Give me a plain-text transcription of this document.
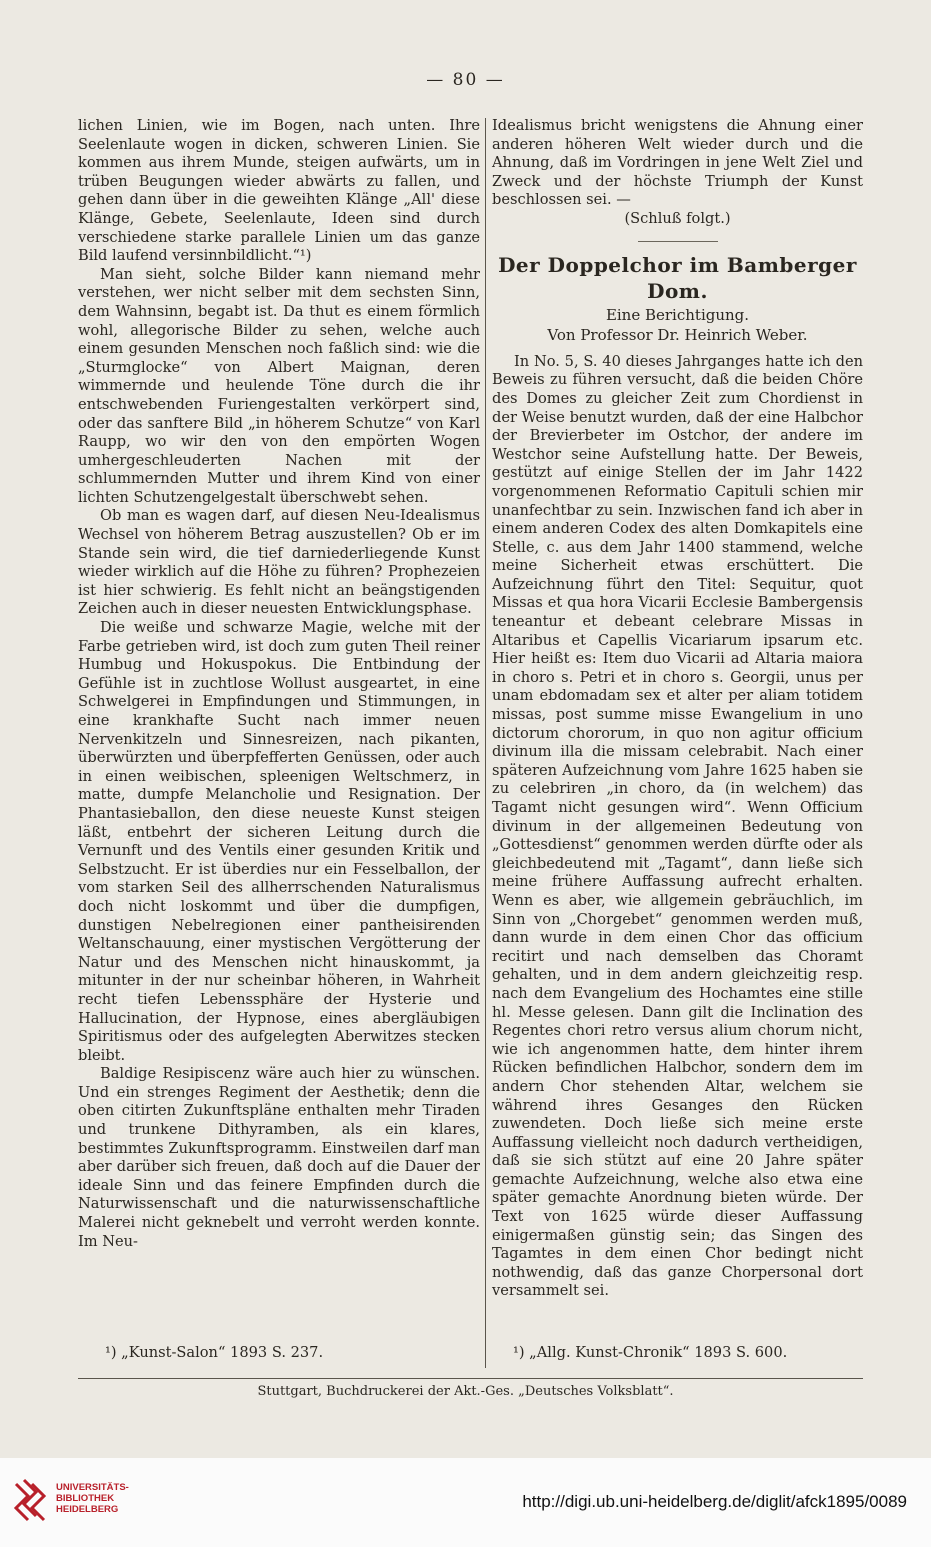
— 80 —

lichen Linien, wie im Bogen, nach unten. Ihre Seelenlaute wogen in dicken, schweren Linien. Sie kommen aus ihrem Munde, steigen aufwärts, um in trüben Beugungen wieder abwärts zu fallen, und gehen dann über in die geweihten Klänge „All' diese Klänge, Gebete, Seelenlaute, Ideen sind durch verschiedene starke parallele Linien um das ganze Bild laufend versinnbildlicht.“¹)

Man sieht, solche Bilder kann niemand mehr verstehen, wer nicht selber mit dem sechsten Sinn, dem Wahnsinn, begabt ist. Da thut es einem förmlich wohl, allegorische Bilder zu sehen, welche auch einem gesunden Menschen noch faßlich sind: wie die „Sturmglocke“ von Albert Maignan, deren wimmernde und heulende Töne durch die ihr entschwebenden Furiengestalten verkörpert sind, oder das sanftere Bild „in höherem Schutze“ von Karl Raupp, wo wir den von den empörten Wogen umhergeschleuderten Nachen mit der schlummernden Mutter und ihrem Kind von einer lichten Schutzengelgestalt überschwebt sehen.

Ob man es wagen darf, auf diesen Neu-Idealismus Wechsel von höherem Betrag auszustellen? Ob er im Stande sein wird, die tief darniederliegende Kunst wieder wirklich auf die Höhe zu führen? Prophezeien ist hier schwierig. Es fehlt nicht an beängstigenden Zeichen auch in dieser neuesten Entwicklungsphase.

Die weiße und schwarze Magie, welche mit der Farbe getrieben wird, ist doch zum guten Theil reiner Humbug und Hokuspokus. Die Entbindung der Gefühle ist in zuchtlose Wollust ausgeartet, in eine Schwelgerei in Empfindungen und Stimmungen, in eine krankhafte Sucht nach immer neuen Nervenkitzeln und Sinnesreizen, nach pikanten, überwürzten und überpfefferten Genüssen, oder auch in einen weibischen, spleenigen Weltschmerz, in matte, dumpfe Melancholie und Resignation. Der Phantasieballon, den diese neueste Kunst steigen läßt, entbehrt der sicheren Leitung durch die Vernunft und des Ventils einer gesunden Kritik und Selbstzucht. Er ist überdies nur ein Fesselballon, der vom starken Seil des allherrschenden Naturalismus doch nicht loskommt und über die dumpfigen, dunstigen Nebelregionen einer pantheisirenden Weltanschauung, einer mystischen Vergötterung der Natur und des Menschen nicht hinauskommt, ja mitunter in der nur scheinbar höheren, in Wahrheit recht tiefen Lebenssphäre der Hysterie und Hallucination, der Hypnose, eines abergläubigen Spiritismus oder des aufgelegten Aberwitzes stecken bleibt.

Baldige Resipiscenz wäre auch hier zu wünschen. Und ein strenges Regiment der Aesthetik; denn die oben citirten Zukunftspläne enthalten mehr Tiraden und trunkene Dithyramben, als ein klares, bestimmtes Zukunftsprogramm. Einstweilen darf man aber darüber sich freuen, daß doch auf die Dauer der ideale Sinn und das feinere Empfinden durch die Naturwissenschaft und die naturwissenschaftliche Malerei nicht geknebelt und verroht werden konnte. Im Neu-

Idealismus bricht wenigstens die Ahnung einer anderen höheren Welt wieder durch und die Ahnung, daß im Vordringen in jene Welt Ziel und Zweck und der höchste Triumph der Kunst beschlossen sei. —

(Schluß folgt.)

Der Doppelchor im Bamberger Dom.
Eine Berichtigung.
Von Professor Dr. Heinrich Weber.

In No. 5, S. 40 dieses Jahrganges hatte ich den Beweis zu führen versucht, daß die beiden Chöre des Domes zu gleicher Zeit zum Chordienst in der Weise benutzt wurden, daß der eine Halbchor der Brevierbeter im Ostchor, der andere im Westchor seine Aufstellung hatte. Der Beweis, gestützt auf einige Stellen der im Jahr 1422 vorgenommenen Reformatio Capituli schien mir unanfechtbar zu sein. Inzwischen fand ich aber in einem anderen Codex des alten Domkapitels eine Stelle, c. aus dem Jahr 1400 stammend, welche meine Sicherheit etwas erschüttert. Die Aufzeichnung führt den Titel: Sequitur, quot Missas et qua hora Vicarii Ecclesie Bambergensis teneantur et debeant celebrare Missas in Altaribus et Capellis Vicariarum ipsarum etc. Hier heißt es: Item duo Vicarii ad Altaria maiora in choro s. Petri et in choro s. Georgii, unus per unam ebdomadam sex et alter per aliam totidem missas, post summe misse Ewangelium in uno dictorum chororum, in quo non agitur officium divinum illa die missam celebrabit. Nach einer späteren Aufzeichnung vom Jahre 1625 haben sie zu celebriren „in choro, da (in welchem) das Tagamt nicht gesungen wird“. Wenn Officium divinum in der allgemeinen Bedeutung von „Gottesdienst“ genommen werden dürfte oder als gleichbedeutend mit „Tagamt“, dann ließe sich meine frühere Auffassung aufrecht erhalten. Wenn es aber, wie allgemein gebräuchlich, im Sinn von „Chorgebet“ genommen werden muß, dann wurde in dem einen Chor das officium recitirt und nach demselben das Choramt gehalten, und in dem andern gleichzeitig resp. nach dem Evangelium des Hochamtes eine stille hl. Messe gelesen. Dann gilt die Inclination des Regentes chori retro versus alium chorum nicht, wie ich angenommen hatte, dem hinter ihrem Rücken befindlichen Halbchor, sondern dem im andern Chor stehenden Altar, welchem sie während ihres Gesanges den Rücken zuwendeten. Doch ließe sich meine erste Auffassung vielleicht noch dadurch vertheidigen, daß sie sich stützt auf eine 20 Jahre später gemachte Aufzeichnung, welche also etwa eine später gemachte Anordnung bieten würde. Der Text von 1625 würde dieser Auffassung einigermaßen günstig sein; das Singen des Tagamtes in dem einen Chor bedingt nicht nothwendig, daß das ganze Chorpersonal dort versammelt sei.

¹) „Kunst-Salon“ 1893 S. 237.	¹) „Allg. Kunst-Chronik“ 1893 S. 600.
Stuttgart, Buchdruckerei der Akt.-Ges. „Deutsches Volksblatt“.
UNIVERSITÄTS-
BIBLIOTHEK
HEIDELBERG	http://digi.ub.uni-heidelberg.de/diglit/afck1895/0089
